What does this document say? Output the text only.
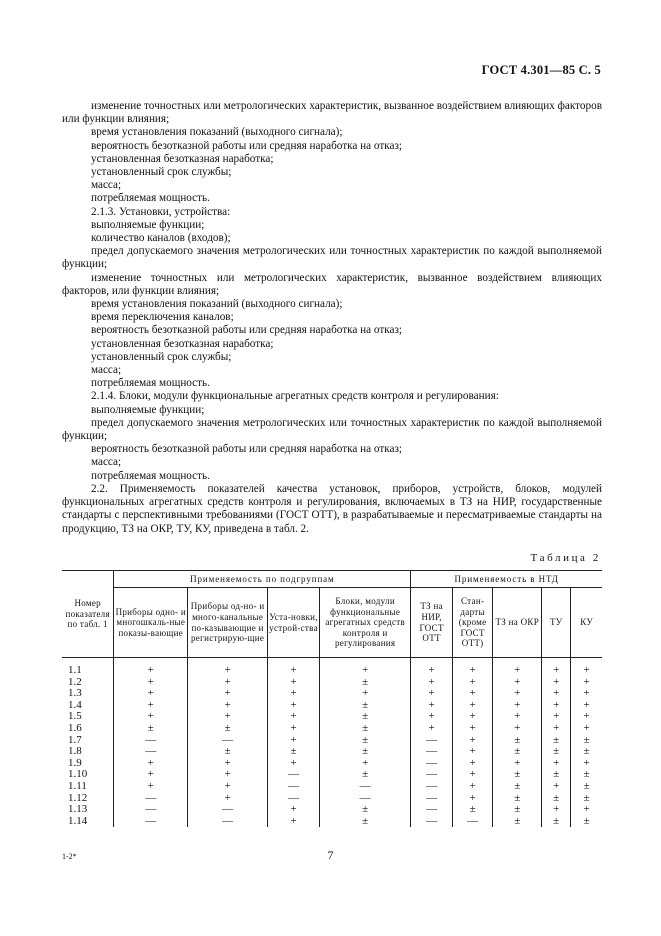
ГОСТ 4.301—85 С. 5

изменение точностных или метрологических характеристик, вызванное воздействием влияющих факторов или функции влияния;

время установления показаний (выходного сигнала);

вероятность безотказной работы или средняя наработка на отказ;

установленная безотказная наработка;

установленный срок службы;

масса;

потребляемая мощность.

2.1.3. Установки, устройства:

выполняемые функции;

количество каналов (входов);

предел допускаемого значения метрологических или точностных характеристик по каждой выполняемой функции;

изменение точностных или метрологических характеристик, вызванное воздействием влияющих факторов, или функции влияния;

время установления показаний (выходного сигнала);

время переключения каналов;

вероятность безотказной работы или средняя наработка на отказ;

установленная безотказная наработка;

установленный срок службы;

масса;

потребляемая мощность.

2.1.4. Блоки, модули функциональные агрегатных средств контроля и регулирования:

выполняемые функции;

предел допускаемого значения метрологических или точностных характеристик по каждой выполняемой функции;

вероятность безотказной работы или средняя наработка на отказ;

масса;

потребляемая мощность.

2.2. Применяемость показателей качества установок, приборов, устройств, блоков, модулей функциональных агрегатных средств контроля и регулирования, включаемых в ТЗ на НИР, государственные стандарты с перспективными требованиями (ГОСТ ОТТ), в разрабатываемые и пересматриваемые стандарты на продукцию, ТЗ на ОКР, ТУ, КУ, приведена в табл. 2.

Таблица 2
Номер показателя по табл. 1	Применяемость по подгруппам				Применяемость в НТД				
	Приборы одно- и многошкаль-ные показы-вающие	Приборы од-но- и много-канальные по-казывающие и регистрирую-щие	Уста-новки, устрой-ства	Блоки, модули функциональные агрегатных средств контроля и регулирования	ТЗ на НИР, ГОСТ ОТТ	Стан-дарты (кроме ГОСТ ОТТ)	ТЗ на ОКР	ТУ	КУ
1.1	+	+	+	+	+	+	+	+	+
1.2	+	+	+	±	+	+	+	+	+
1.3	+	+	+	+	+	+	+	+	+
1.4	+	+	+	±	+	+	+	+	+
1.5	+	+	+	±	+	+	+	+	+
1.6	±	±	+	±	+	+	+	+	+
1.7	—	—	+	±	—	+	±	±	±
1.8	—	±	±	±	—	+	±	±	±
1.9	+	+	+	+	—	+	+	+	+
1.10	+	+	—	±	—	+	±	±	±
1.11	+	+	—	—	—	+	±	+	±
1.12	—	+	—	—	—	+	±	±	±
1.13	—	—	+	±	—	±	±	+	+
1.14	—	—	+	±	—	—	±	±	±
1-2*	7
